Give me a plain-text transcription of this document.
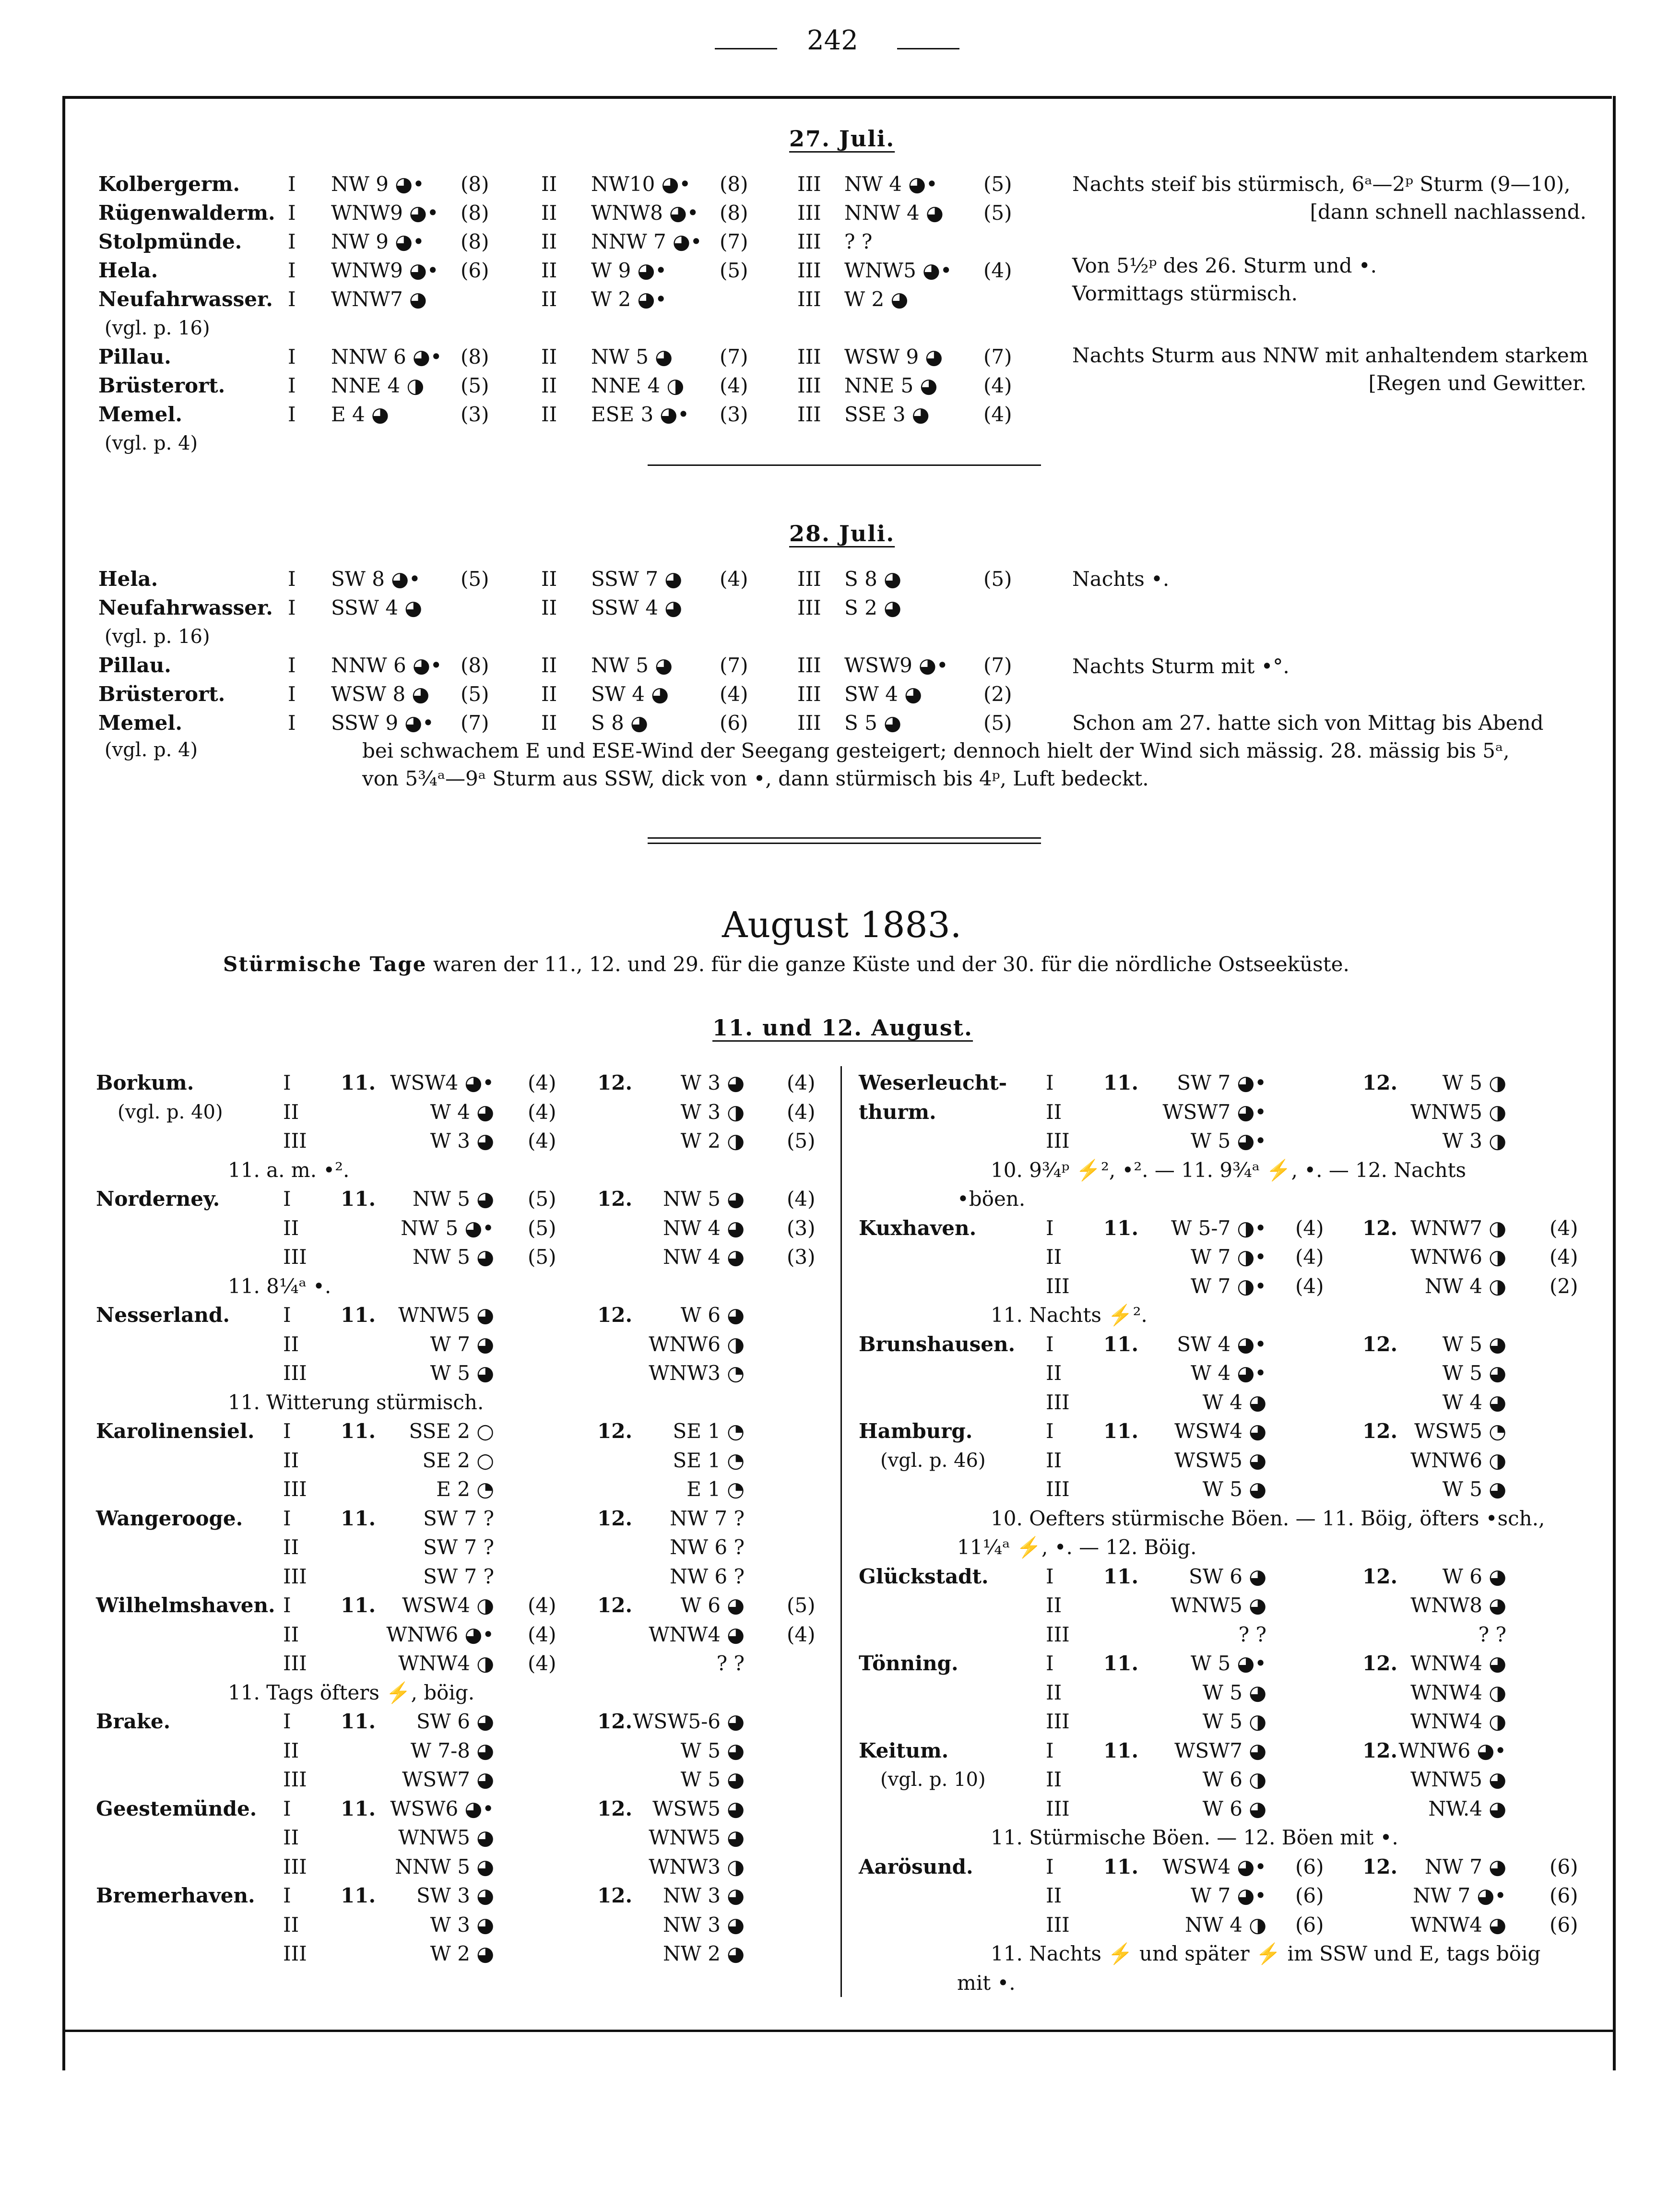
242
27. Juli.
Kolbergerm. I NW 9 ◕• (8)	II NW10 ◕• (8) III NW 4 ◕• (5)
Rügenwalderm. I WNW9 ◕• (8)	II WNW8 ◕• (8) III NNW 4 ◕ (5)
Stolpmünde. I NW 9 ◕• (8)	II NNW 7 ◕• (7) III ? ?
Hela.	I WNW9 ◕• (6)	II W 9 ◕•	(5) III WNW5 ◕• (4)
Neufahrwasser. I WNW7 ◕	II W 2 ◕•	III W 2 ◕
(vgl. p. 16)
Pillau.	I NNW 6 ◕• (8)	II NW 5 ◕ (7) III WSW 9 ◕ (7)
Brüsterort.	I NNE 4 ◑ (5)	II NNE 4 ◑ (4) III NNE 5 ◕ (4)
Memel.	I E 4 ◕	(3)	II ESE 3 ◕• (3) III SSE 3 ◕	(4)
(vgl. p. 4)
Nachts steif bis stürmisch, 6ᵃ—2ᵖ Sturm (9—10),
[dann schnell nachlassend.
Von 5½ᵖ des 26. Sturm und •.
Vormittags stürmisch.
Nachts Sturm aus NNW mit anhaltendem starkem
[Regen und Gewitter.
28. Juli.
Hela.	I SW 8 ◕• (5)	II SSW 7 ◕ (4) III S 8 ◕	(5)
Neufahrwasser. I SSW 4 ◕	II SSW 4 ◕	III S 2 ◕
(vgl. p. 16)
Pillau.	I NNW 6 ◕• (8)	II NW 5 ◕ (7) III WSW9 ◕• (7)
Brüsterort.	I WSW 8 ◕ (5)	II SW 4 ◕	(4) III SW 4 ◕	(2)
Memel.	I SSW 9 ◕• (7)	II S 8 ◕	(6) III S 5 ◕	(5)
Nachts •.
Nachts Sturm mit •°.
Schon am 27. hatte sich von Mittag bis Abend
bei schwachem E und ESE-Wind der Seegang gesteigert; dennoch hielt der Wind sich mässig. 28. mässig bis 5ᵃ,
von 5¾ᵃ—9ᵃ Sturm aus SSW, dick von •, dann stürmisch bis 4ᵖ, Luft bedeckt.
(vgl. p. 4)
August 1883.
Stürmische Tage waren der 11., 12. und 29. für die ganze Küste und der 30. für die nördliche Ostseeküste.
11. und 12. August.
Borkum.	I 11. WSW4 ◕• (4) 12. W 3 ◕ (4)
(vgl. p. 40)	II	W 4 ◕ (4)	W 3 ◑ (4)
III	W 3 ◕ (4)	W 2 ◑ (5)
11. a. m. •².
Norderney.	I 11. NW 5 ◕ (5) 12. NW 5 ◕ (4)
II	NW 5 ◕• (5)	NW 4 ◕ (3)
III	NW 5 ◕ (5)	NW 4 ◕ (3)
11. 8¼ᵃ •.
Nesserland.	I 11. WNW5 ◕	12. W 6 ◕
II	W 7 ◕	WNW6 ◑
III	W 5 ◕	WNW3 ◔
11. Witterung stürmisch.
Karolinensiel. I 11. SSE 2 ○	12. SE 1 ◔
II	SE 2 ○	SE 1 ◔
III	E 2 ◔	E 1 ◔
Wangerooge. I 11. SW 7 ?	12. NW 7 ?
II	SW 7 ?	NW 6 ?
III	SW 7 ?	NW 6 ?
Wilhelmshaven. I 11. WSW4 ◑ (4) 12. W 6 ◕ (5)
II	WNW6 ◕• (4)	WNW4 ◕ (4)
III	WNW4 ◑ (4)	? ?
11. Tags öfters ⚡, böig.
Brake.	I 11. SW 6 ◕	12. WSW5-6 ◕
II	W 7-8 ◕	W 5 ◕
III	WSW7 ◕	W 5 ◕
Geestemünde. I 11. WSW6 ◕•	12. WSW5 ◕
II	WNW5 ◕	WNW5 ◕
III	NNW 5 ◕	WNW3 ◑
Bremerhaven. I 11. SW 3 ◕	12. NW 3 ◕
II	W 3 ◕	NW 3 ◕
III	W 2 ◕	NW 2 ◕
Weserleucht- I 11. SW 7 ◕•	12. W 5 ◑
thurm.	II	WSW7 ◕•	WNW5 ◑
III	W 5 ◕•	W 3 ◑
10. 9¾ᵖ ⚡², •². — 11. 9¾ᵃ ⚡, •. — 12. Nachts
•böen.
Kuxhaven.	I 11. W 5-7 ◑• (4) 12. WNW7 ◑ (4)
II	W 7 ◑• (4)	WNW6 ◑ (4)
III	W 7 ◑• (4)	NW 4 ◑ (2)
11. Nachts ⚡².
Brunshausen. I 11. SW 4 ◕•	12. W 5 ◕
II	W 4 ◕•	W 5 ◕
III	W 4 ◕	W 4 ◕
Hamburg.	I 11. WSW4 ◕	12. WSW5 ◔
(vgl. p. 46)	II	WSW5 ◕	WNW6 ◑
III	W 5 ◕	W 5 ◕
10. Oefters stürmische Böen. — 11. Böig, öfters •sch.,
11¼ᵃ ⚡, •. — 12. Böig.
Glückstadt.	I 11. SW 6 ◕	12. W 6 ◕
II	WNW5 ◕	WNW8 ◕
III	? ?	? ?
Tönning.	I 11.	W 5 ◕•	12. WNW4 ◕
II	W 5 ◕	WNW4 ◑
III	W 5 ◑	WNW4 ◑
Keitum.	I 11. WSW7 ◕	12. WNW6 ◕•
(vgl. p. 10)	II	W 6 ◑	WNW5 ◕
III	W 6 ◕	NW.4 ◕
11. Stürmische Böen. — 12. Böen mit •.
Aarösund.	I 11. WSW4 ◕• (6) 12. NW 7 ◕ (6)
II	W 7 ◕• (6)	NW 7 ◕• (6)
III	NW 4 ◑ (6)	WNW4 ◕ (6)
11. Nachts ⚡ und später ⚡ im SSW und E, tags böig
mit •.
